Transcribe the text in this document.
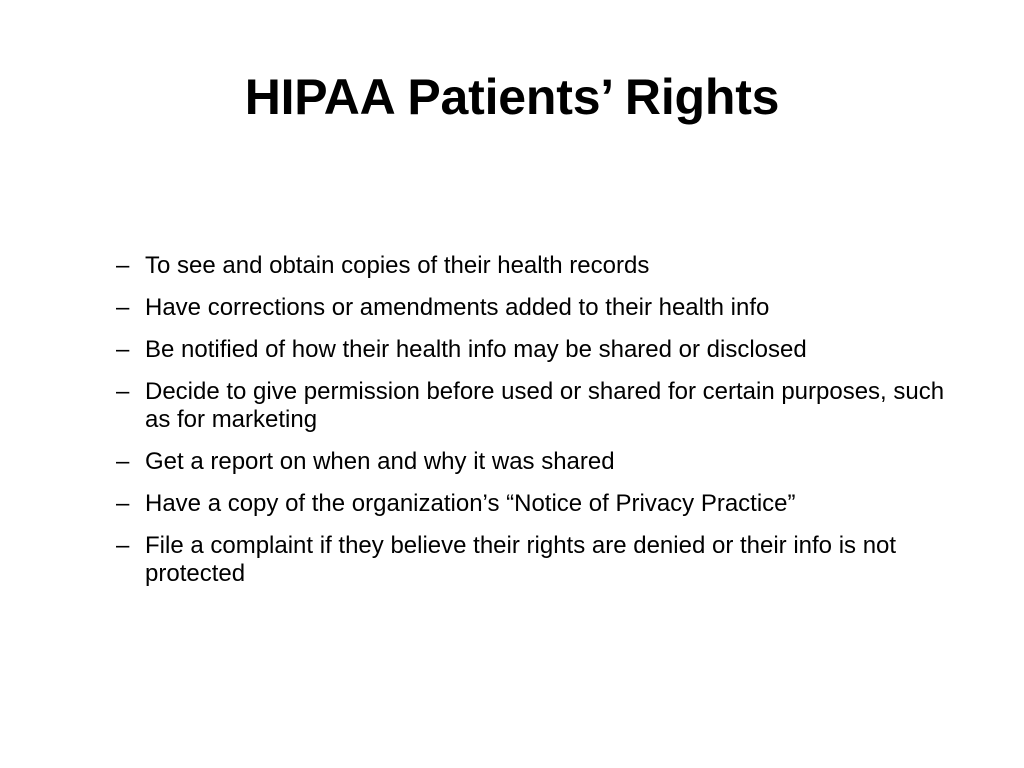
HIPAA Patients’ Rights
– To see and obtain copies of their health records
– Have corrections or amendments added to their health info
– Be notified of how their health info may be shared or disclosed
– Decide to give permission before used or shared for certain purposes, such as for marketing
– Get a report on when and why it was shared
– Have a copy of the organization’s “Notice of Privacy Practice”
– File a complaint if they believe their rights are denied or their info is not protected
